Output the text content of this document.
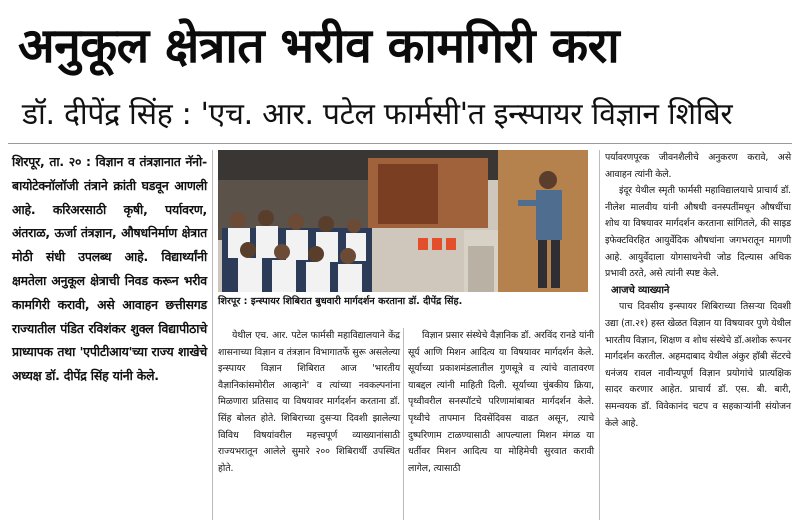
अनुकूल क्षेत्रात भरीव कामगिरी करा
डॉ. दीपेंद्र सिंह : 'एच. आर. पटेल फार्मसी'त इन्स्पायर विज्ञान शिबिर
शिरपूर, ता. २० : विज्ञान व तंत्रज्ञानात नॅनो-बायोटेक्नॉलॉजी तंत्राने क्रांती घडवून आणली आहे. करिअरसाठी कृषी, पर्यावरण, अंतराळ, ऊर्जा तंत्रज्ञान, औषधनिर्माण क्षेत्रात मोठी संधी उपलब्ध आहे. विद्यार्थ्यांनी क्षमतेला अनुकूल क्षेत्राची निवड करून भरीव कामगिरी करावी, असे आवाहन छत्तीसगड राज्यातील पंडित रविशंकर शुक्ल विद्यापीठाचे प्राध्यापक तथा 'एपीटीआय'च्या राज्य शाखेचे अध्यक्ष डॉ. दीपेंद्र सिंह यांनी केले.
शिरपूर : इन्स्पायर शिबिरात बुधवारी मार्गदर्शन करताना डॉ. दीपेंद्र सिंह.

येथील एच. आर. पटेल फार्मसी महाविद्यालयाने केंद्र शासनाच्या विज्ञान व तंत्रज्ञान विभागातर्फे सुरू असलेल्या इन्स्पायर विज्ञान शिबिरात आज 'भारतीय वैज्ञानिकांसमोरील आव्हाने' व त्यांच्या नवकल्पनांना मिळणारा प्रतिसाद या विषयावर मार्गदर्शन करताना डॉ. सिंह बोलत होते. शिबिराच्या दुसऱ्या दिवशी झालेल्या विविध विषयांवरील महत्त्वपूर्ण व्याख्यानांसाठी राज्यभरातून आलेले सुमारे २०० शिबिरार्थी उपस्थित होते.

विज्ञान प्रसार संस्थेचे वैज्ञानिक डॉ. अरविंद रानडे यांनी सूर्य आणि मिशन आदित्य या विषयावर मार्गदर्शन केले. सूर्याच्या प्रकाशमंडलातील गुणसूत्रे व त्यांचे वातावरण याबद्दल त्यांनी माहिती दिली. सूर्याच्या चुंबकीय क्रिया, पृथ्वीवरील सनस्पॉटचे परिणामांबाबत मार्गदर्शन केले. पृथ्वीचे तापमान दिवसेंदिवस वाढत असून, त्याचे दुष्परिणाम टाळण्यासाठी आपल्याला मिशन मंगळ या धर्तीवर मिशन आदित्य या मोहिमेची सुरवात करावी लागेल, त्यासाठी

पर्यावरणपूरक जीवनशैलीचे अनुकरण करावे, असे आवाहन त्यांनी केले.

इंदूर येथील स्मृती फार्मसी महाविद्यालयाचे प्राचार्य डॉ. नीलेश मालवीय यांनी औषधी वनस्पतींमधून औषधींचा शोध या विषयावर मार्गदर्शन करताना सांगितले, की साइड इफेक्टविरहित आयुर्वेदिक औषधांना जगभरातून मागणी आहे. आयुर्वेदाला योगसाधनेची जोड दिल्यास अधिक प्रभावी ठरते, असे त्यांनी स्पष्ट केले.

आजचे व्याख्याने

पाच दिवसीय इन्स्पायर शिबिराच्या तिसऱ्या दिवशी उद्या (ता.२१) हस्त खेळत विज्ञान या विषयावर पुणे येथील भारतीय विज्ञान, शिक्षण व शोध संस्थेचे डॉ.अशोक रूपनर मार्गदर्शन करतील. अहमदाबाद येथील अंकुर हॉबी सेंटरचे धनंजय रावल नावीन्यपूर्ण विज्ञान प्रयोगांचे प्रात्यक्षिक सादर करणार आहेत. प्राचार्य डॉ. एस. बी. बारी, समन्वयक डॉ. विवेकानंद चटप व सहकाऱ्यांनी संयोजन केले आहे.
